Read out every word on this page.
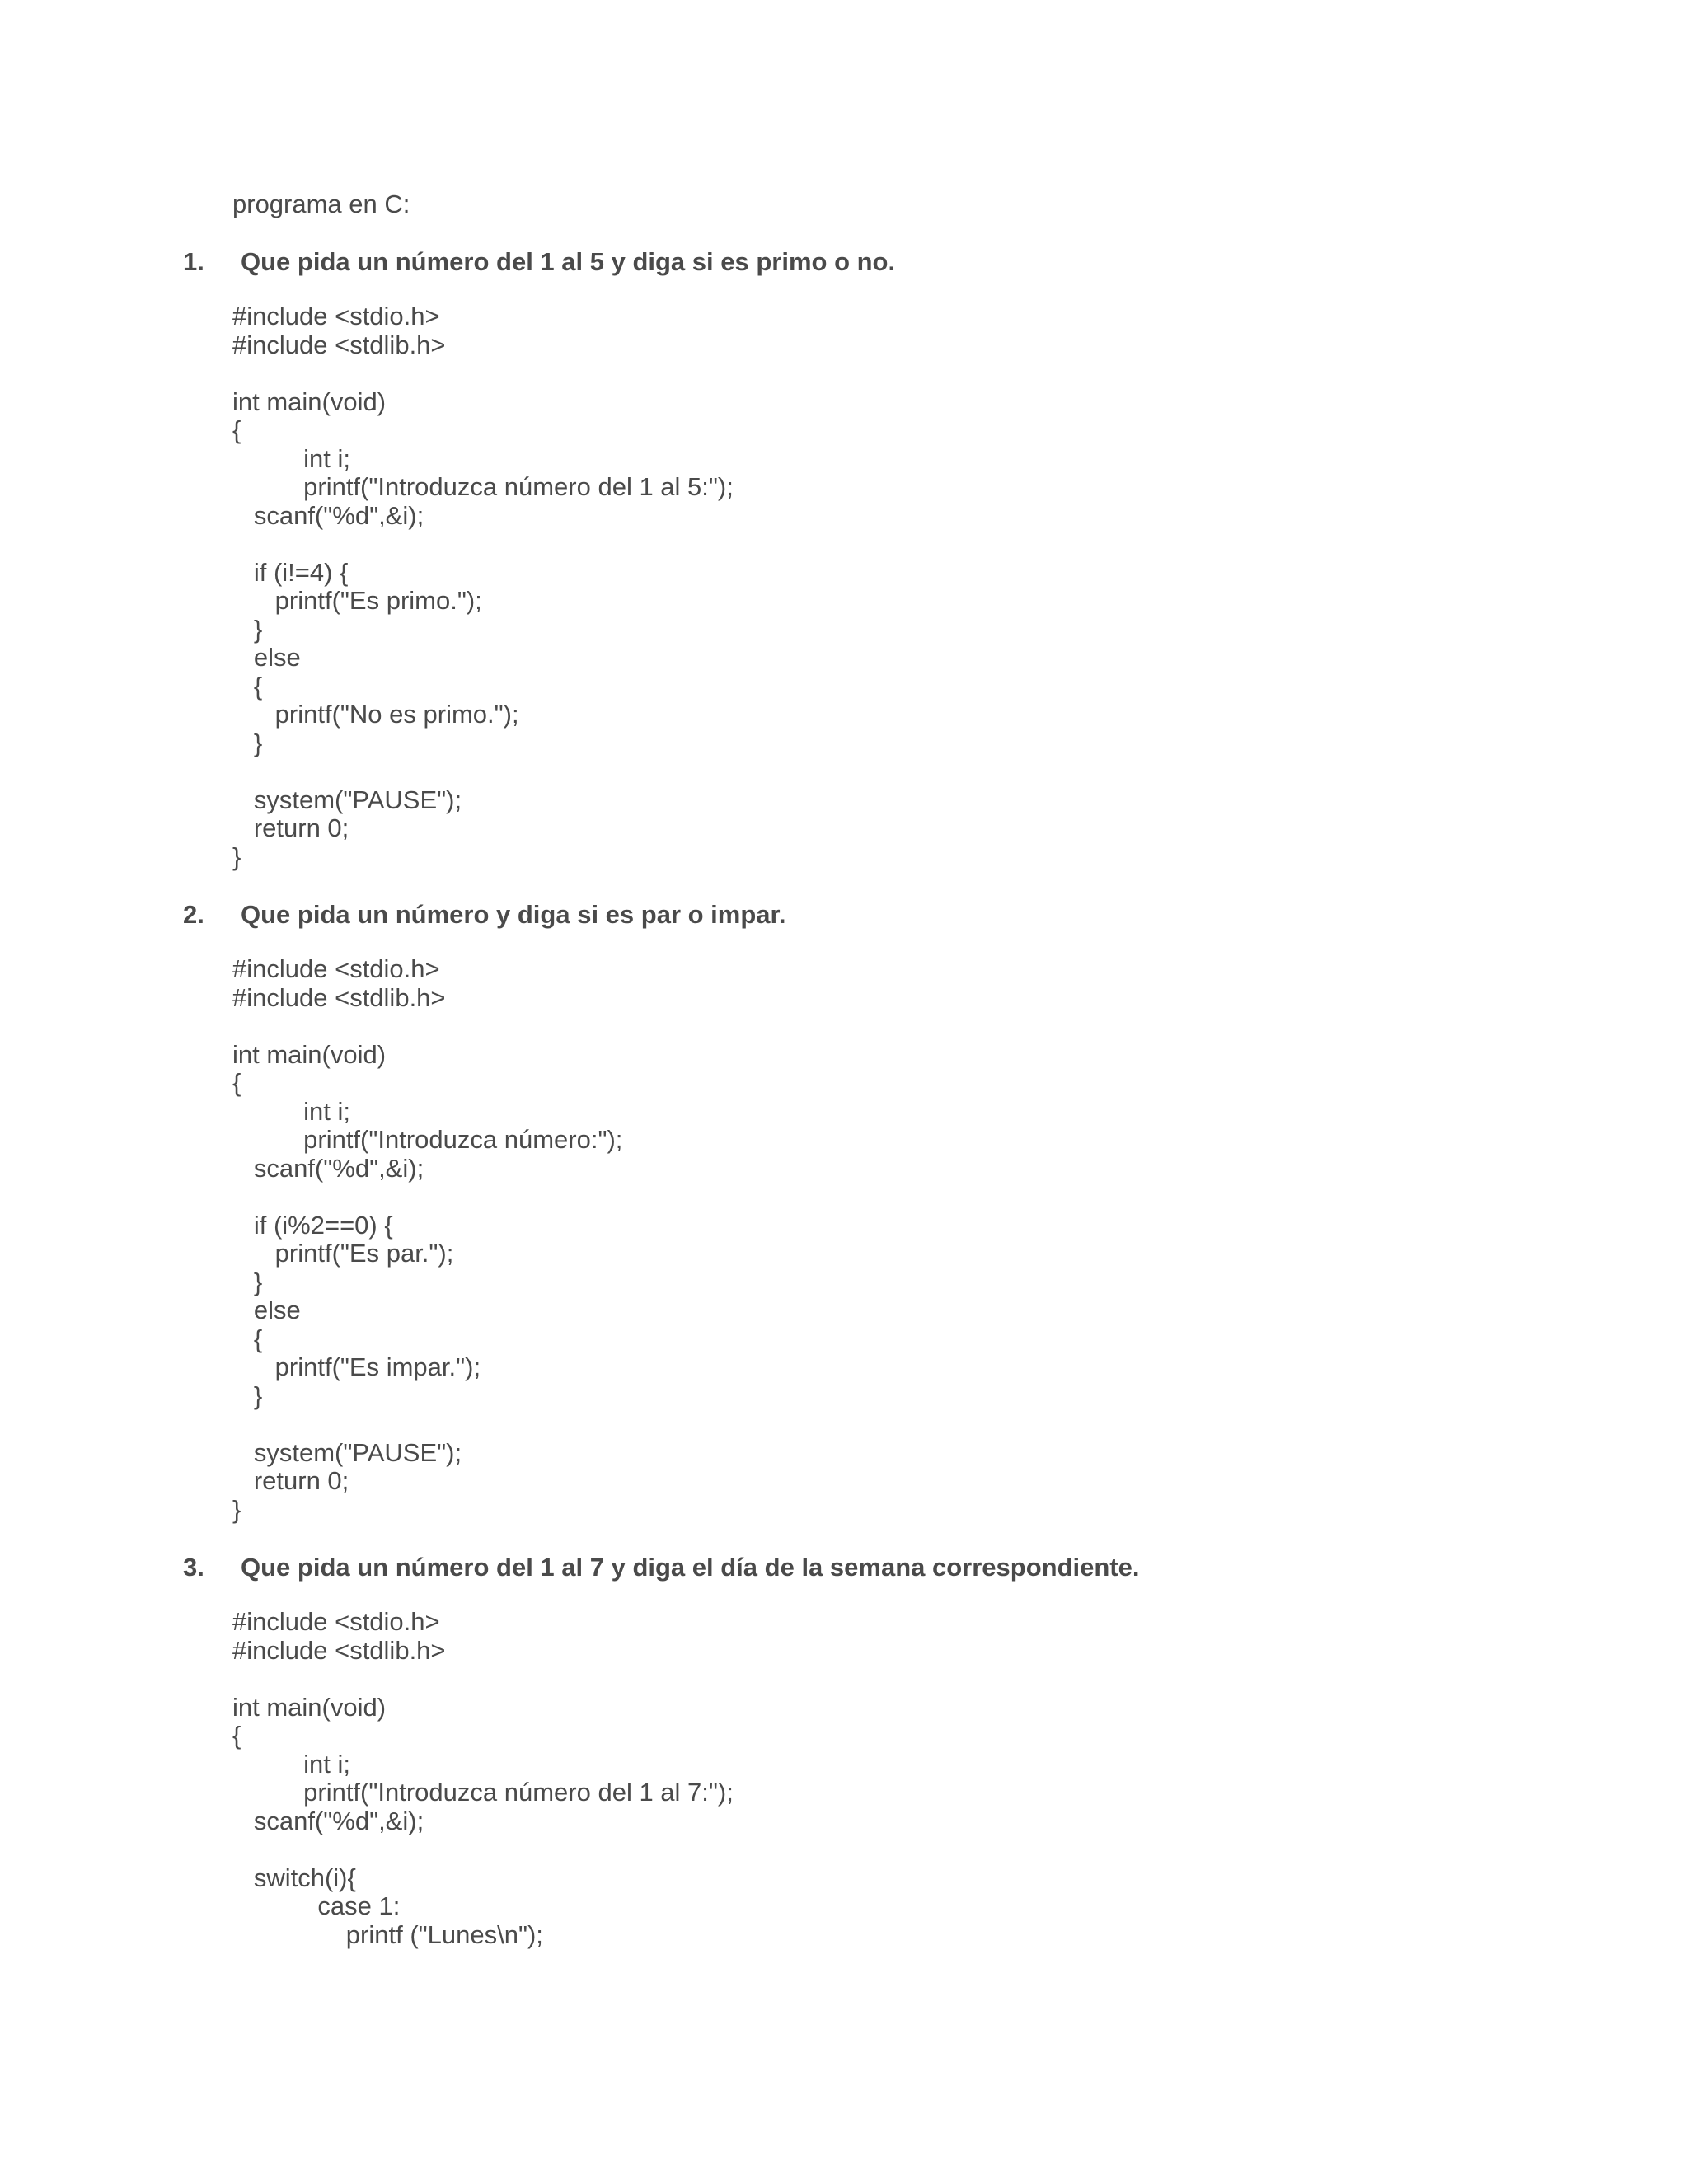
programa en C:
1. Que pida un número del 1 al 5 y diga si es primo o no.
#include <stdio.h>
#include <stdlib.h>
int main(void)
{
int i;
printf("Introduzca número del 1 al 5:");
scanf("%d",&i);
if (i!=4) {
printf("Es primo.");
}
else
{
printf("No es primo.");
}
system("PAUSE");
return 0;
}
2. Que pida un número y diga si es par o impar.
#include <stdio.h>
#include <stdlib.h>
int main(void)
{
int i;
printf("Introduzca número:");
scanf("%d",&i);
if (i%2==0) {
printf("Es par.");
}
else
{
printf("Es impar.");
}
system("PAUSE");
return 0;
}
3. Que pida un número del 1 al 7 y diga el día de la semana correspondiente.
#include <stdio.h>
#include <stdlib.h>
int main(void)
{
int i;
printf("Introduzca número del 1 al 7:");
scanf("%d",&i);
switch(i){
case 1:
printf ("Lunes\n");
